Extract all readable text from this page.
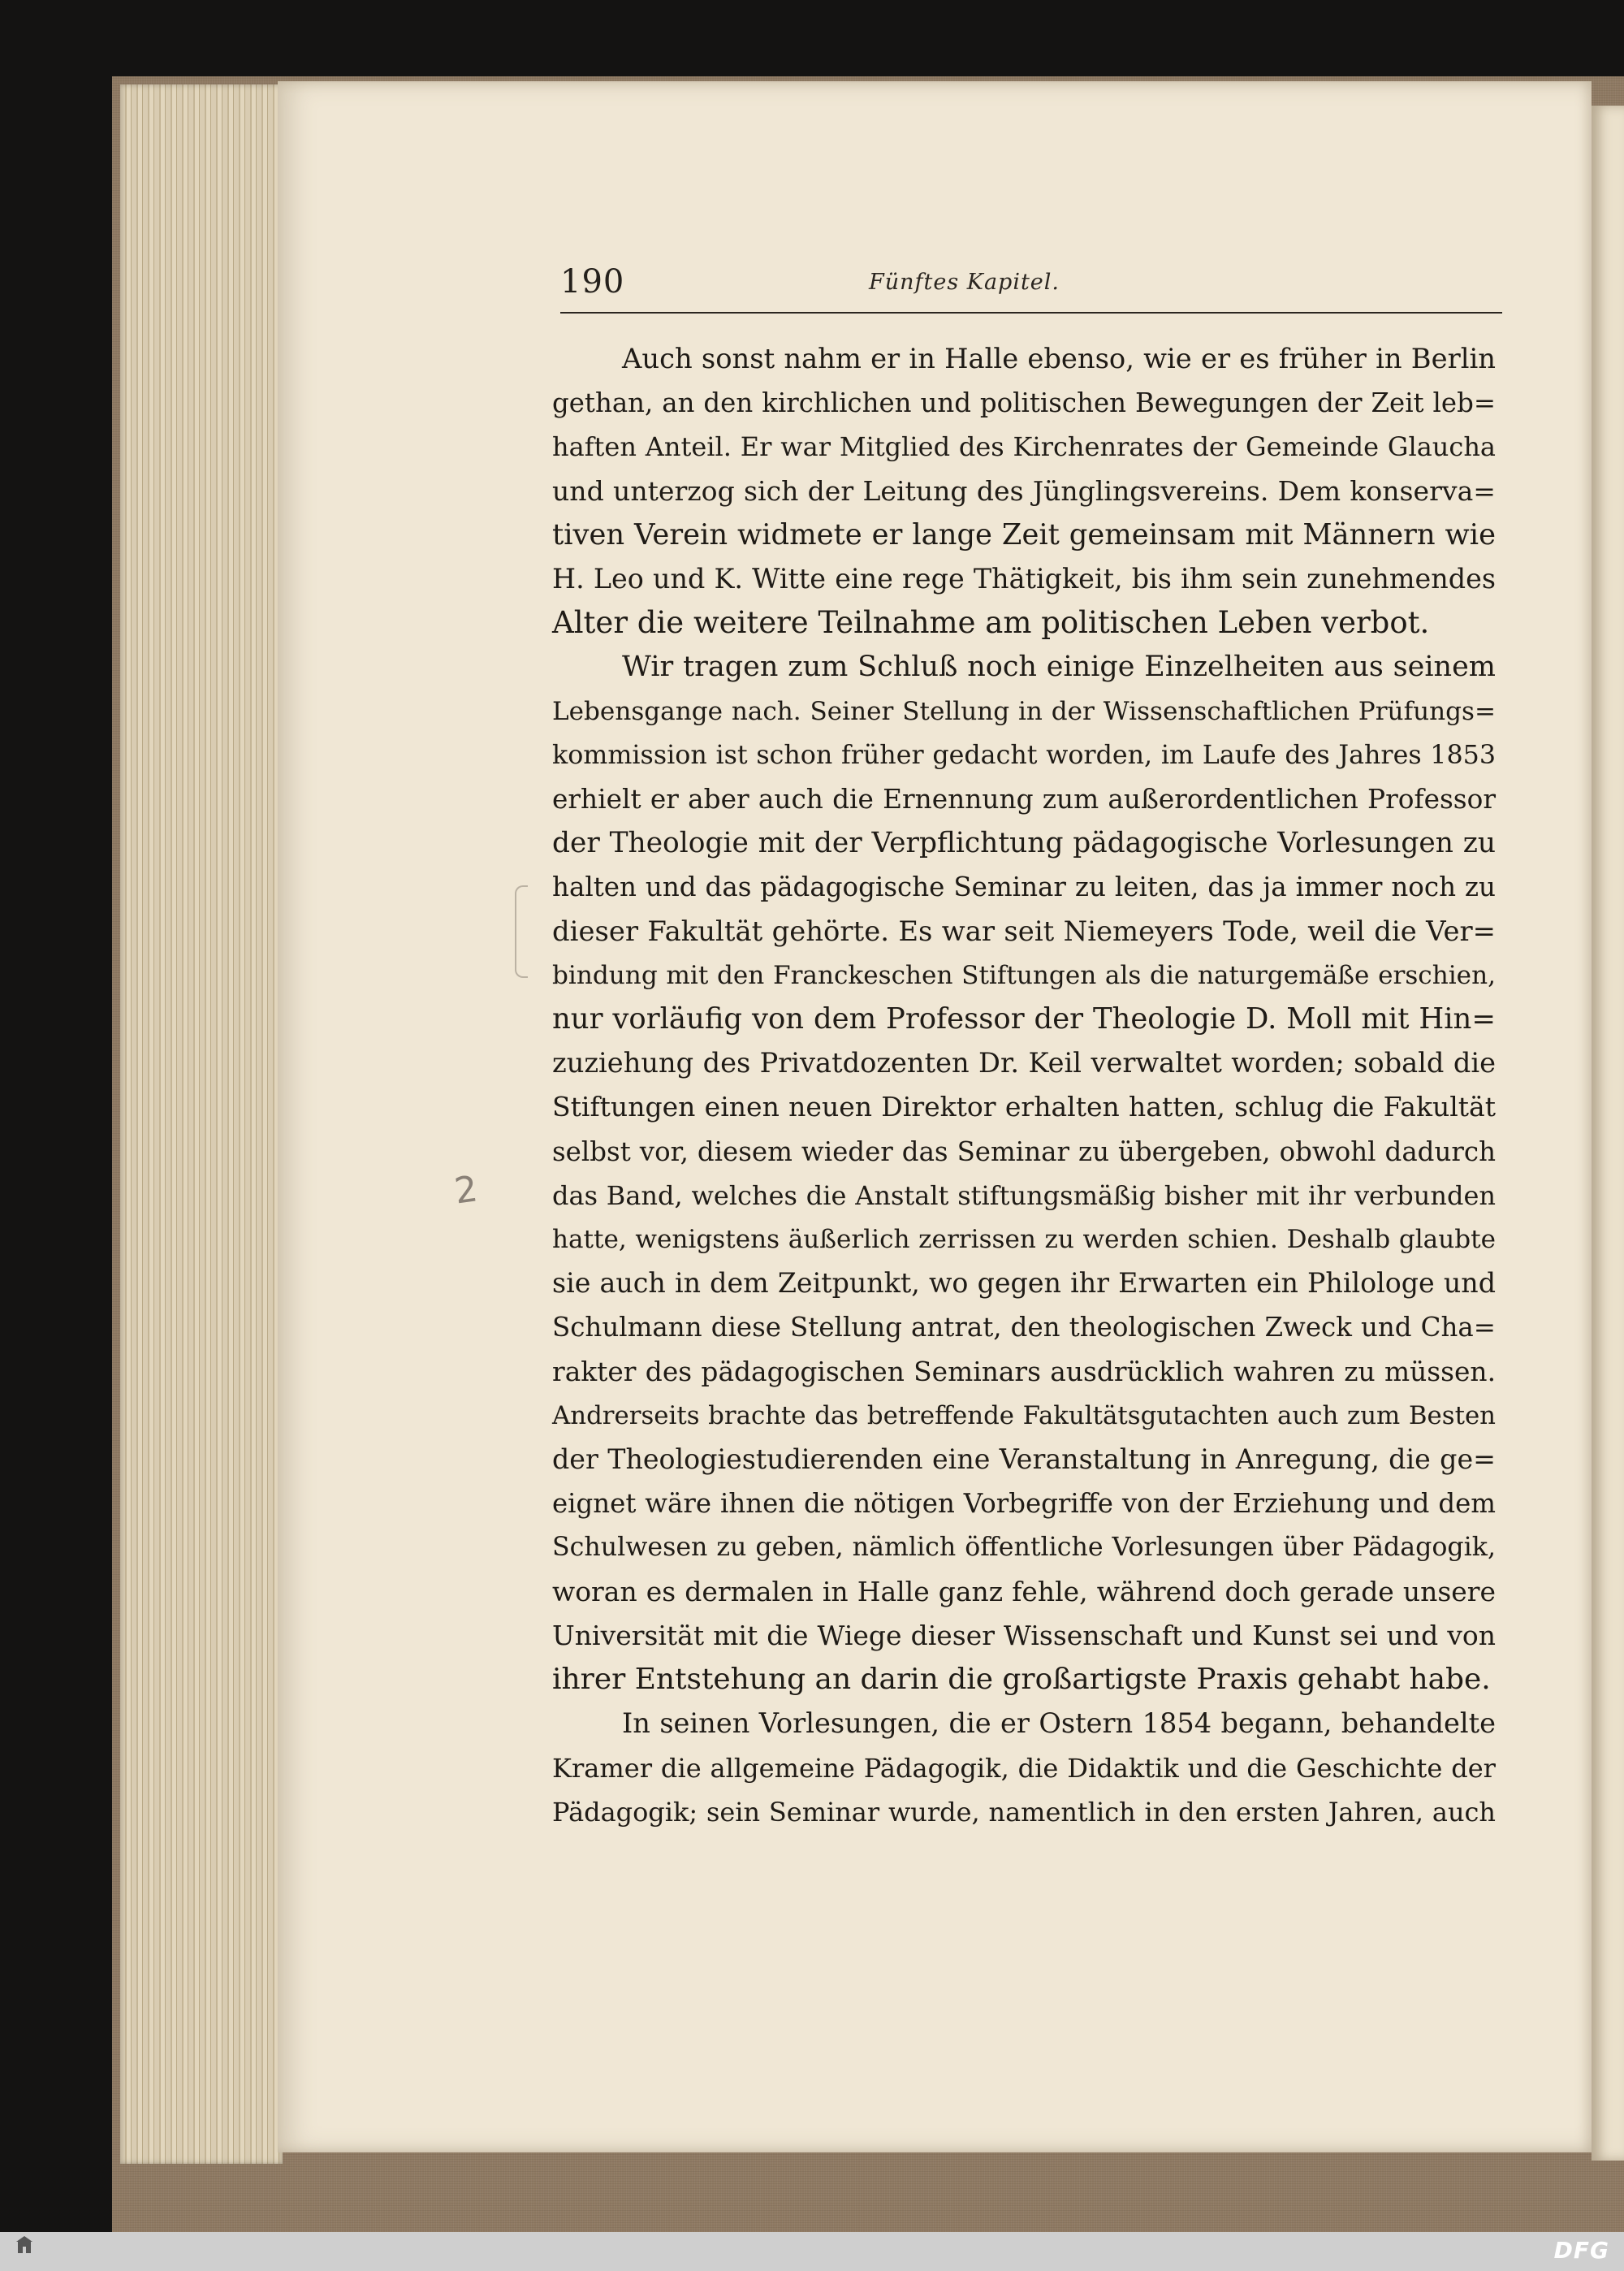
190	Fünftes Kapitel.
2

Auch sonst nahm er in Halle ebenso, wie er es früher in Berlin
gethan, an den kirchlichen und politischen Bewegungen der Zeit leb=
haften Anteil. Er war Mitglied des Kirchenrates der Gemeinde Glaucha
und unterzog sich der Leitung des Jünglingsvereins. Dem konserva=
tiven Verein widmete er lange Zeit gemeinsam mit Männern wie
H. Leo und K. Witte eine rege Thätigkeit, bis ihm sein zunehmendes
Alter die weitere Teilnahme am politischen Leben verbot.

Wir tragen zum Schluß noch einige Einzelheiten aus seinem
Lebensgange nach. Seiner Stellung in der Wissenschaftlichen Prüfungs=
kommission ist schon früher gedacht worden, im Laufe des Jahres 1853
erhielt er aber auch die Ernennung zum außerordentlichen Professor
der Theologie mit der Verpflichtung pädagogische Vorlesungen zu
halten und das pädagogische Seminar zu leiten, das ja immer noch zu
dieser Fakultät gehörte. Es war seit Niemeyers Tode, weil die Ver=
bindung mit den Franckeschen Stiftungen als die naturgemäße erschien,
nur vorläufig von dem Professor der Theologie D. Moll mit Hin=
zuziehung des Privatdozenten Dr. Keil verwaltet worden; sobald die
Stiftungen einen neuen Direktor erhalten hatten, schlug die Fakultät
selbst vor, diesem wieder das Seminar zu übergeben, obwohl dadurch
das Band, welches die Anstalt stiftungsmäßig bisher mit ihr verbunden
hatte, wenigstens äußerlich zerrissen zu werden schien. Deshalb glaubte
sie auch in dem Zeitpunkt, wo gegen ihr Erwarten ein Philologe und
Schulmann diese Stellung antrat, den theologischen Zweck und Cha=
rakter des pädagogischen Seminars ausdrücklich wahren zu müssen.
Andrerseits brachte das betreffende Fakultätsgutachten auch zum Besten
der Theologiestudierenden eine Veranstaltung in Anregung, die ge=
eignet wäre ihnen die nötigen Vorbegriffe von der Erziehung und dem
Schulwesen zu geben, nämlich öffentliche Vorlesungen über Pädagogik,
woran es dermalen in Halle ganz fehle, während doch gerade unsere
Universität mit die Wiege dieser Wissenschaft und Kunst sei und von
ihrer Entstehung an darin die großartigste Praxis gehabt habe.

In seinen Vorlesungen, die er Ostern 1854 begann, behandelte
Kramer die allgemeine Pädagogik, die Didaktik und die Geschichte der
Pädagogik; sein Seminar wurde, namentlich in den ersten Jahren, auch

DFG
